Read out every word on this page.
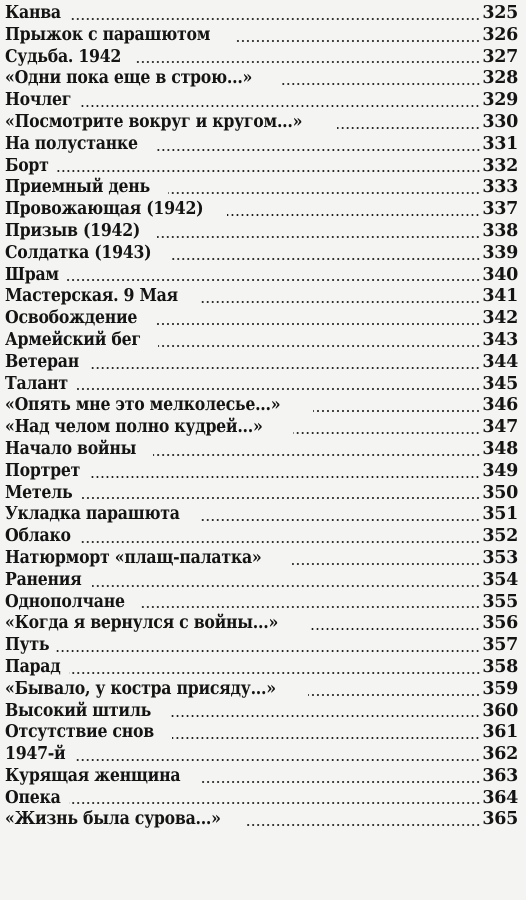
Канва	325
Прыжок с парашютом	326
Судьба. 1942	327
«Одни пока еще в строю...»	328
Ночлег	329
«Посмотрите вокруг и кругом...»	330
На полустанке	331
Борт	332
Приемный день	333
Провожающая (1942)	337
Призыв (1942)	338
Солдатка (1943)	339
Шрам	340
Мастерская. 9 Мая	341
Освобождение	342
Армейский бег	343
Ветеран	344
Талант	345
«Опять мне это мелколесье...»	346
«Над челом полно кудрей...»	347
Начало войны	348
Портрет	349
Метель	350
Укладка парашюта	351
Облако	352
Натюрморт «плащ-палатка»	353
Ранения	354
Однополчане	355
«Когда я вернулся с войны...»	356
Путь	357
Парад	358
«Бывало, у костра присяду...»	359
Высокий штиль	360
Отсутствие снов	361
1947-й	362
Курящая женщина	363
Опека	364
«Жизнь была сурова...»	365
